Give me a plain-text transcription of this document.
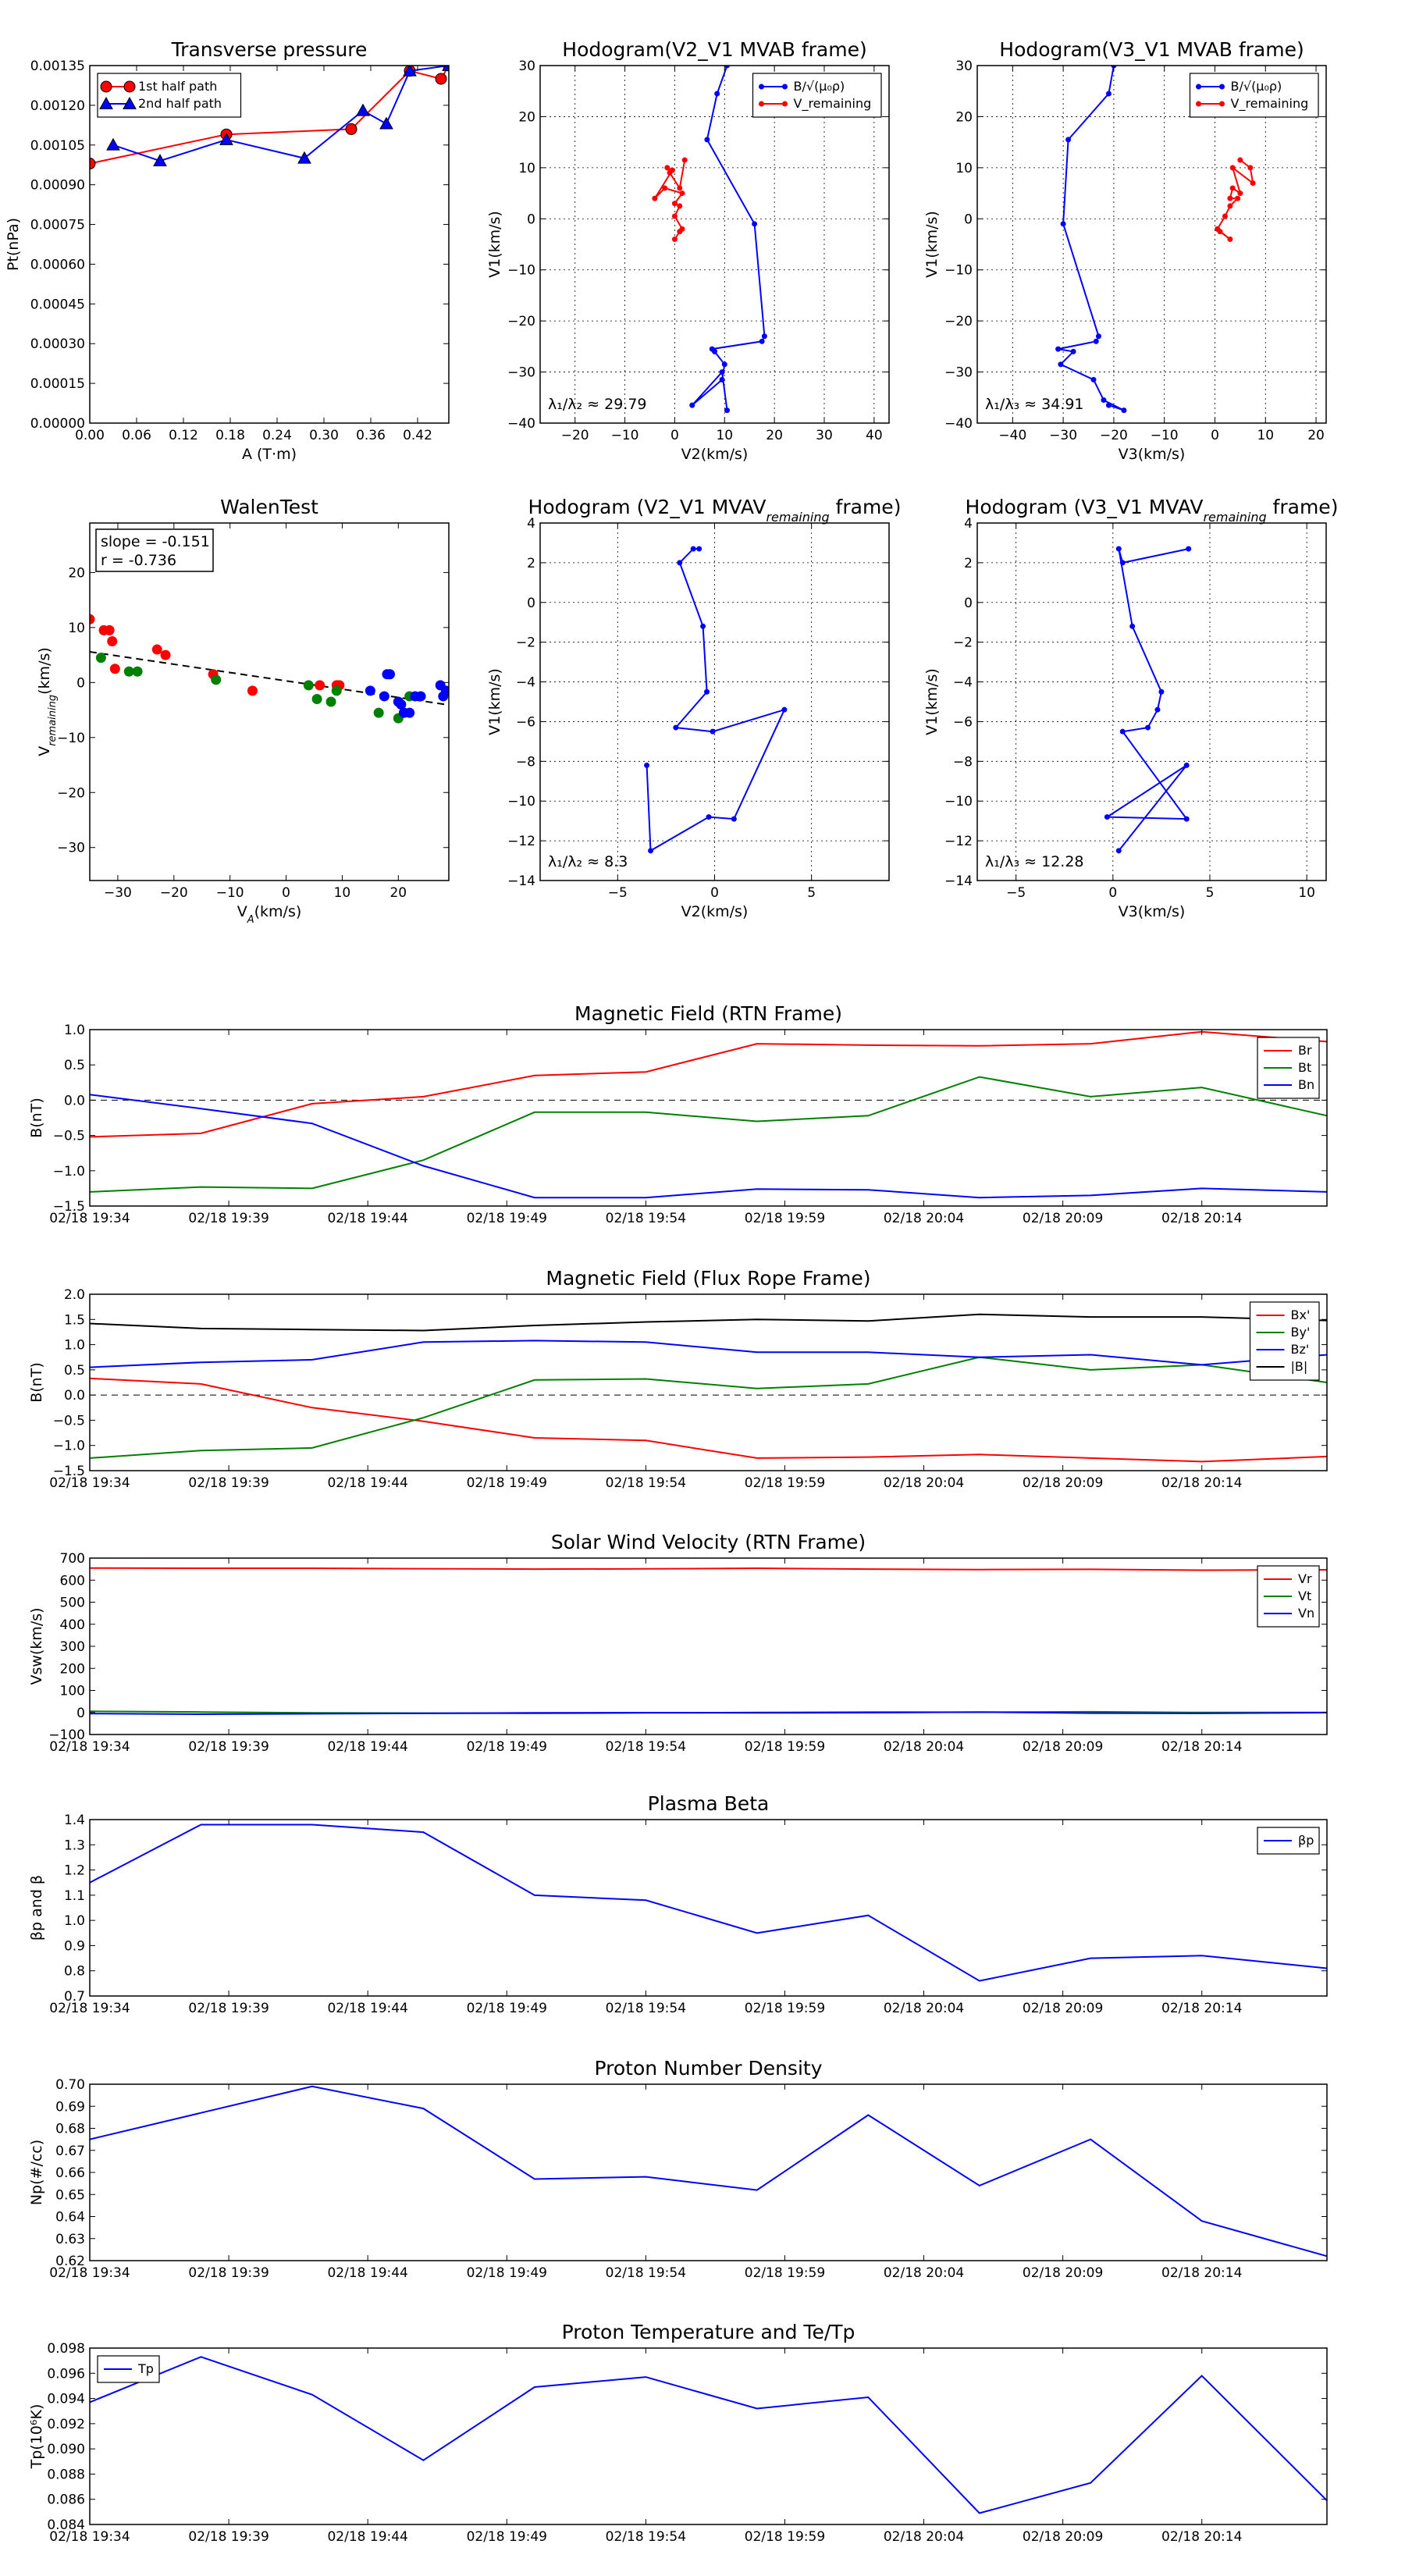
0.00 0.06 0.12 0.18 0.24 0.30 0.36 0.42
0.00000
0.00015
0.00030
0.00045
0.00060
0.00075
0.00090
0.00105
0.00120
0.00135
Transverse pressure
A (T·m)
Pt(nPa)
1st half path
2nd half path
−20 −10 0	10 20 30 40
−40
−30
−20
−10
0
10
20
30
Hodogram(V2_V1 MVAB frame)
V2(km/s)
V1(km/s)
B/√(μ₀ρ)
V_remaining
λ₁/λ₂ ≈ 29.79
−40 −30 −20 −10 0	10	20
−40
−30
−20
−10
0
10
20
30
Hodogram(V3_V1 MVAB frame)
V3(km/s)
V1(km/s)
B/√(μ₀ρ)
V_remaining
λ₁/λ₃ ≈ 34.91
−30 −20 −10	0	10	20
−30
−20
−10
0
10
20
WalenTest
$V_A(km/s)$
$V_{remaining}(km/s)$
slope = -0.151
r = -0.736
−5	0	5
−14
−12
−10
−8
−6
−4
−2
0
2
4
Hodogram (V2_V1 $MVAV_{remaining}$ frame)
V2(km/s)
V1(km/s)
λ₁/λ₂ ≈ 8.3
−5	0	5	10
−14
−12
−10
−8
−6
−4
−2
0
2
4
Hodogram (V3_V1 $MVAV_{remaining}$ frame)
V3(km/s)
V1(km/s)
λ₁/λ₃ ≈ 12.28
02/18 19:34	02/18 19:39	02/18 19:44	02/18 19:49	02/18 19:54	02/18 19:59	02/18 20:04	02/18 20:09	02/18 20:14
−1.5
−1.0
−0.5
0.0
0.5
1.0
Magnetic Field (RTN Frame)
B(nT)
Br
Bt
Bn
02/18 19:34	02/18 19:39	02/18 19:44	02/18 19:49	02/18 19:54	02/18 19:59	02/18 20:04	02/18 20:09	02/18 20:14
−1.5
−1.0
−0.5
0.0
0.5
1.0
1.5
2.0
Magnetic Field (Flux Rope Frame)
B(nT)
Bx'
By'
Bz'
|B|
02/18 19:34	02/18 19:39	02/18 19:44	02/18 19:49	02/18 19:54	02/18 19:59	02/18 20:04	02/18 20:09	02/18 20:14
−100
0
100
200
300
400
500
600
700
Solar Wind Velocity (RTN Frame)
Vsw(km/s)
Vr
Vt
Vn
02/18 19:34	02/18 19:39	02/18 19:44	02/18 19:49	02/18 19:54	02/18 19:59	02/18 20:04	02/18 20:09	02/18 20:14
0.7
0.8
0.9
1.0
1.1
1.2
1.3
1.4
Plasma Beta
βp and β
βp
02/18 19:34	02/18 19:39	02/18 19:44	02/18 19:49	02/18 19:54	02/18 19:59	02/18 20:04	02/18 20:09	02/18 20:14
0.62
0.63
0.64
0.65
0.66
0.67
0.68
0.69
0.70
Proton Number Density
Np(#/cc)
02/18 19:34	02/18 19:39	02/18 19:44	02/18 19:49	02/18 19:54	02/18 19:59	02/18 20:04	02/18 20:09	02/18 20:14
0.084
0.086
0.088
0.090
0.092
0.094
0.096
0.098
Proton Temperature and Te/Tp
Tp(10⁶K)
Tp
